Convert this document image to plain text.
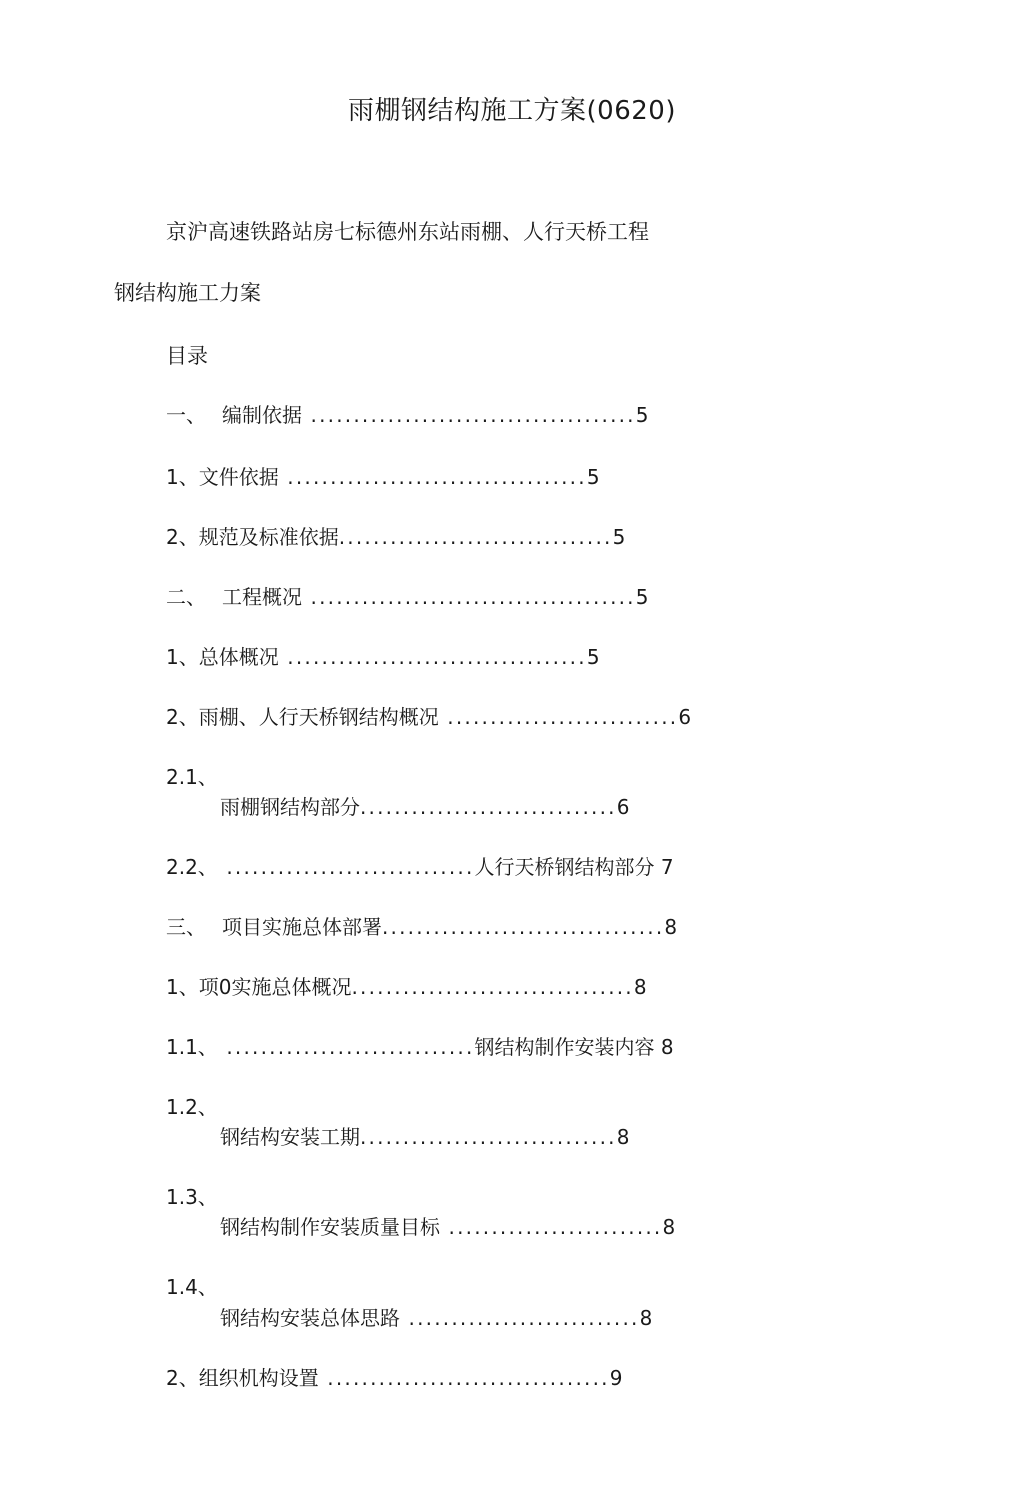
雨棚钢结构施工方案(0620)
京沪高速铁路站房七标德州东站雨棚、人行天桥工程
钢结构施工力案
目录
一、 编制依据 ......................................5
1、文件依据 ...................................5
2、规范及标准依据................................5
二、 工程概况 ......................................5
1、总体概况 ...................................5
2、雨棚、人行天桥钢结构概况 ...........................6
2.1、
雨棚钢结构部分..............................6
2.2、 .............................人行天桥钢结构部分 7
三、 项目实施总体部署.................................8
1、项0实施总体概况.................................8
1.1、 .............................钢结构制作安装内容 8
1.2、
钢结构安装工期..............................8
1.3、
钢结构制作安装质量目标 .........................8
1.4、
钢结构安装总体思路 ...........................8
2、组织机构设置 .................................9
